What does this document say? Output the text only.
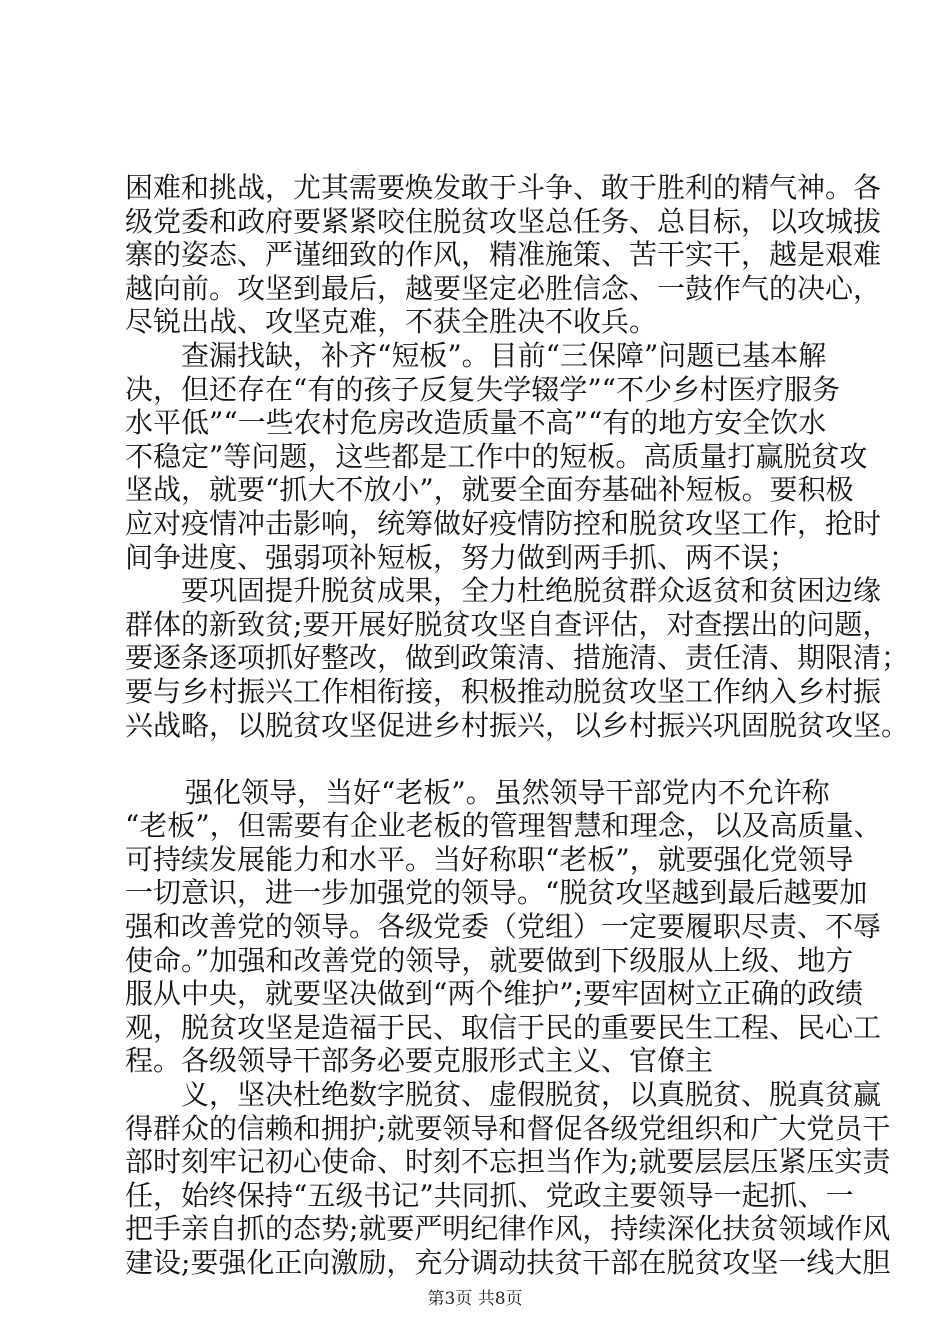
困难和挑战，尤其需要焕发敢于斗争、敢于胜利的精气神。各
级党委和政府要紧紧咬住脱贫攻坚总任务、总目标，以攻城拔
寨的姿态、严谨细致的作风，精准施策、苦干实干，越是艰难
越向前。攻坚到最后，越要坚定必胜信念、一鼓作气的决心，
尽锐出战、攻坚克难，不获全胜决不收兵。
查漏找缺，补齐“短板”。目前“三保障”问题已基本解
决，但还存在“有的孩子反复失学辍学”“不少乡村医疗服务
水平低”“一些农村危房改造质量不高”“有的地方安全饮水
不稳定”等问题，这些都是工作中的短板。高质量打赢脱贫攻
坚战，就要“抓大不放小”，就要全面夯基础补短板。要积极
应对疫情冲击影响，统筹做好疫情防控和脱贫攻坚工作，抢时
间争进度、强弱项补短板，努力做到两手抓、两不误；
要巩固提升脱贫成果，全力杜绝脱贫群众返贫和贫困边缘
群体的新致贫;要开展好脱贫攻坚自查评估，对查摆出的问题，
要逐条逐项抓好整改，做到政策清、措施清、责任清、期限清；
要与乡村振兴工作相衔接，积极推动脱贫攻坚工作纳入乡村振
兴战略，以脱贫攻坚促进乡村振兴，以乡村振兴巩固脱贫攻坚。
强化领导，当好“老板”。虽然领导干部党内不允许称
“老板”，但需要有企业老板的管理智慧和理念，以及高质量、
可持续发展能力和水平。当好称职“老板”，就要强化党领导
一切意识，进一步加强党的领导。“脱贫攻坚越到最后越要加
强和改善党的领导。各级党委（党组）一定要履职尽责、不辱
使命。”加强和改善党的领导，就要做到下级服从上级、地方
服从中央，就要坚决做到“两个维护”;要牢固树立正确的政绩
观，脱贫攻坚是造福于民、取信于民的重要民生工程、民心工
程。各级领导干部务必要克服形式主义、官僚主
义，坚决杜绝数字脱贫、虚假脱贫，以真脱贫、脱真贫赢
得群众的信赖和拥护;就要领导和督促各级党组织和广大党员干
部时刻牢记初心使命、时刻不忘担当作为;就要层层压紧压实责
任，始终保持“五级书记”共同抓、党政主要领导一起抓、一
把手亲自抓的态势;就要严明纪律作风，持续深化扶贫领域作风
建设;要强化正向激励，充分调动扶贫干部在脱贫攻坚一线大胆
第3页 共8页
